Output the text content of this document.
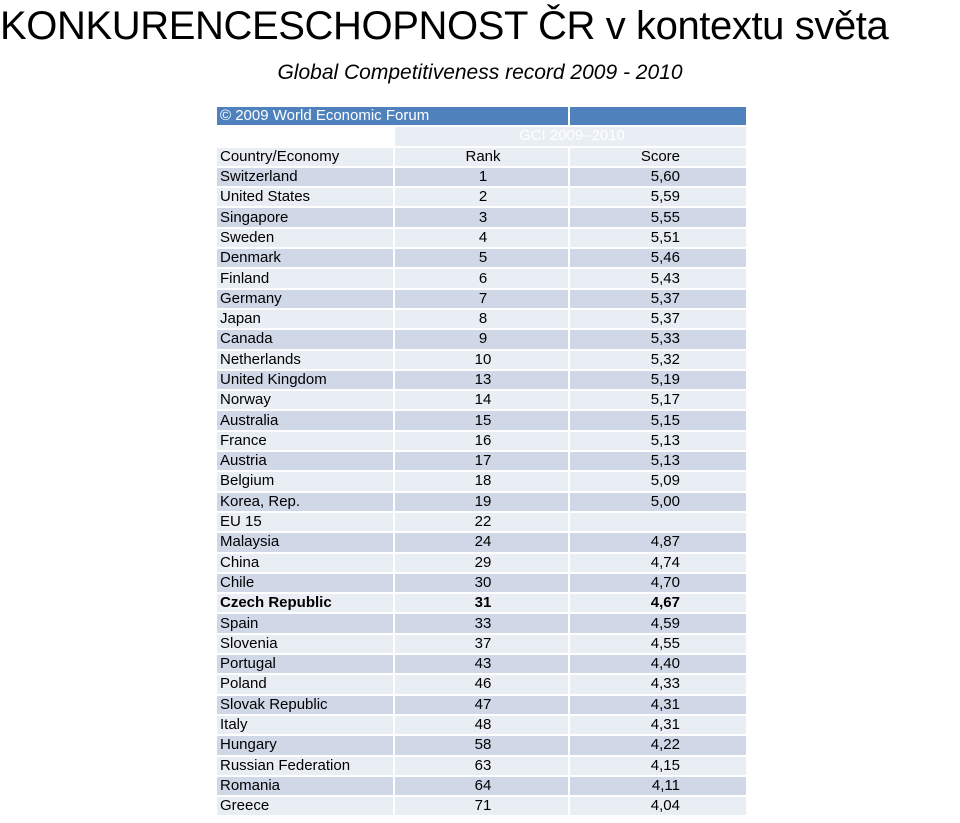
KONKURENCESCHOPNOST ČR v kontextu světa
Global Competitiveness record 2009 - 2010
© 2009 World Economic Forum		
	GCI 2009–2010	
Country/Economy	Rank	Score
Switzerland	1	5,60
United States	2	5,59
Singapore	3	5,55
Sweden	4	5,51
Denmark	5	5,46
Finland	6	5,43
Germany	7	5,37
Japan	8	5,37
Canada	9	5,33
Netherlands	10	5,32
United Kingdom	13	5,19
Norway	14	5,17
Australia	15	5,15
France	16	5,13
Austria	17	5,13
Belgium	18	5,09
Korea, Rep.	19	5,00
EU 15	22	
Malaysia	24	4,87
China	29	4,74
Chile	30	4,70
Czech Republic	31	4,67
Spain	33	4,59
Slovenia	37	4,55
Portugal	43	4,40
Poland	46	4,33
Slovak Republic	47	4,31
Italy	48	4,31
Hungary	58	4,22
Russian Federation	63	4,15
Romania	64	4,11
Greece	71	4,04
